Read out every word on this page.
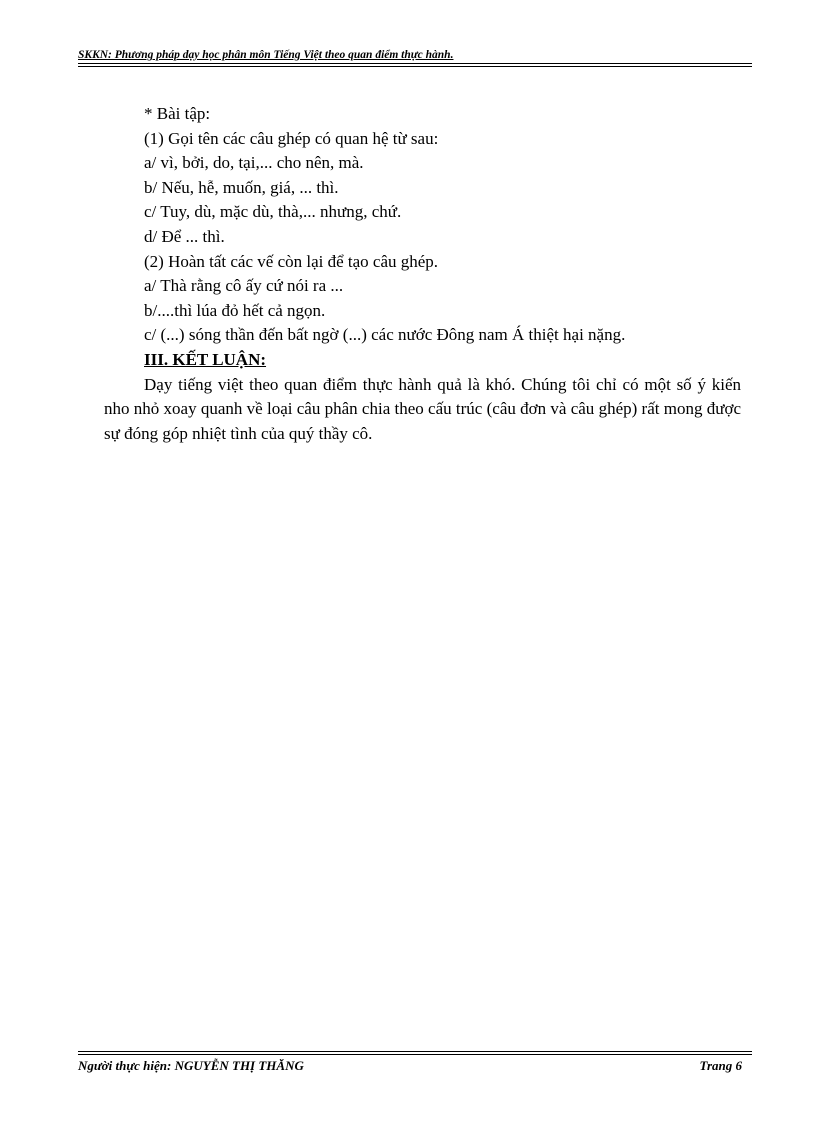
SKKN: Phương pháp dạy học phân môn Tiếng Việt theo quan điểm thực hành.
* Bài tập:
(1) Gọi tên các câu ghép có quan hệ từ sau:
a/ vì, bởi, do, tại,... cho nên, mà.
b/ Nếu, hễ, muốn, giá, ... thì.
c/ Tuy, dù, mặc dù, thà,... nhưng, chứ.
d/ Để ... thì.
(2) Hoàn tất các vế còn lại để tạo câu ghép.
a/ Thà rằng cô ấy cứ nói ra ...
b/....thì lúa đỏ hết cả ngọn.
c/ (...) sóng thần đến bất ngờ (...) các nước Đông nam Á thiệt hại nặng.
III. KẾT LUẬN:

Dạy tiếng việt theo quan điểm thực hành quả là khó. Chúng tôi chỉ có một số ý kiến nho nhỏ xoay quanh về loại câu phân chia theo cấu trúc (câu đơn và câu ghép) rất mong được sự đóng góp nhiệt tình của quý thầy cô.

Người thực hiện: NGUYỄN THỊ THĂNG	Trang 6
